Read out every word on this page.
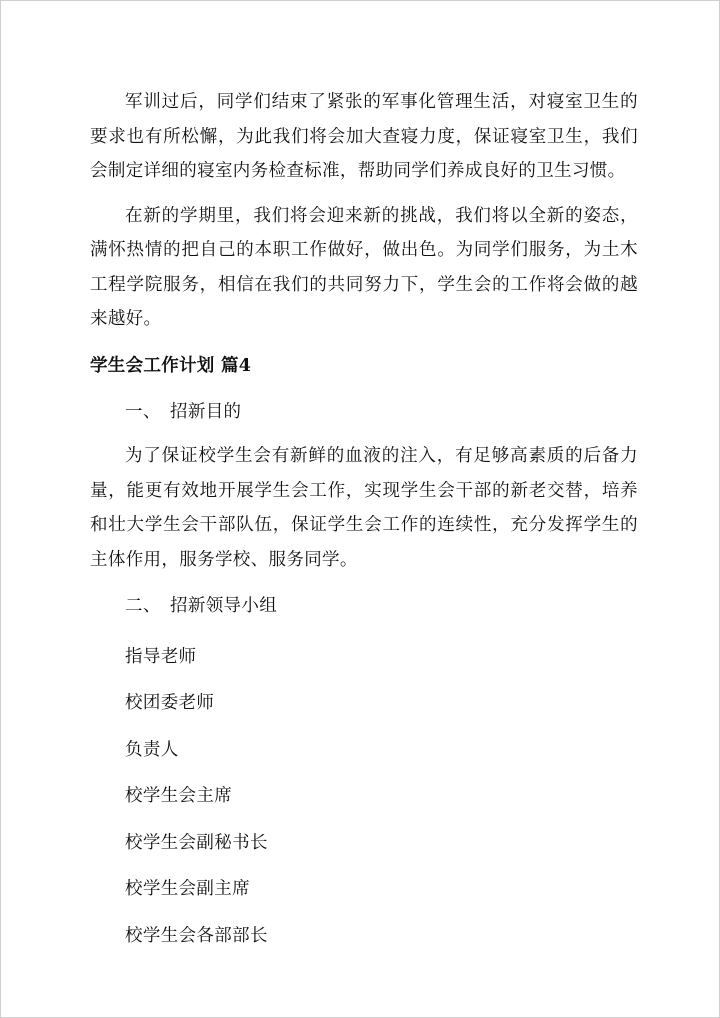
军训过后，同学们结束了紧张的军事化管理生活，对寝室卫生的要求也有所松懈，为此我们将会加大查寝力度，保证寝室卫生，我们会制定详细的寝室内务检查标准，帮助同学们养成良好的卫生习惯。

在新的学期里，我们将会迎来新的挑战，我们将以全新的姿态，满怀热情的把自己的本职工作做好，做出色。为同学们服务，为土木工程学院服务，相信在我们的共同努力下，学生会的工作将会做的越来越好。

学生会工作计划 篇4
一、 招新目的

为了保证校学生会有新鲜的血液的注入，有足够高素质的后备力量，能更有效地开展学生会工作，实现学生会干部的新老交替，培养和壮大学生会干部队伍，保证学生会工作的连续性，充分发挥学生的主体作用，服务学校、服务同学。

二、 招新领导小组
指导老师
校团委老师
负责人
校学生会主席
校学生会副秘书长
校学生会副主席
校学生会各部部长
